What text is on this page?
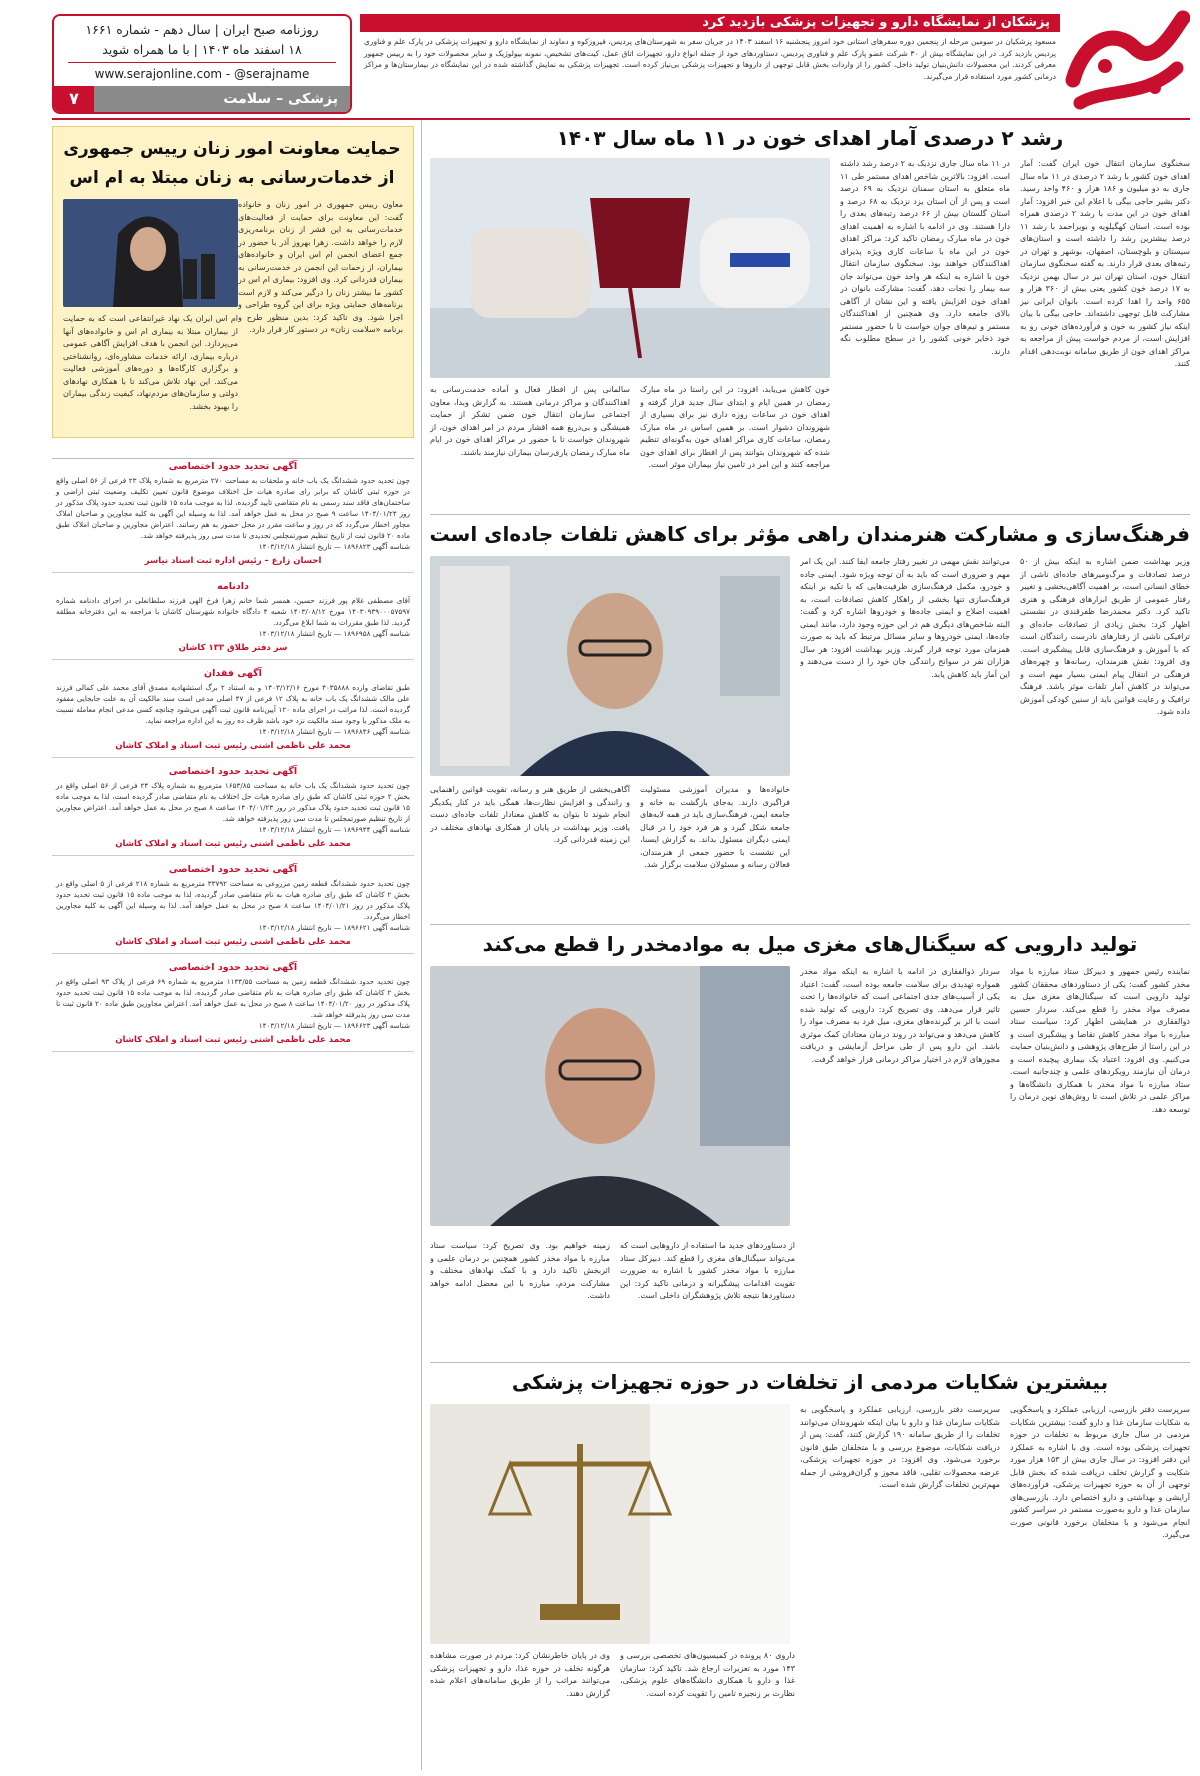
روزنامه صبح ایران | سال دهم - شماره ۱۶۶۱
۱۸ اسفند ماه ۱۴۰۳ | با ما همراه شوید
www.serajonline.com - @serajname
پزشکی – سلامت
۷
پزشکان از نمایشگاه دارو و تجهیزات پزشکی بازدید کرد
مسعود پزشکیان در سومین مرحله از پنجمین دوره سفرهای استانی خود امروز پنجشنبه ۱۶ اسفند ۱۴۰۳ در جریان سفر به شهرستان‌های پردیس، فیروزکوه و دماوند از نمایشگاه دارو و تجهیزات پزشکی در پارک علم و فناوری پردیس بازدید کرد. در این نمایشگاه بیش از ۳۰ شرکت عضو پارک علم و فناوری پردیس، دستاوردهای خود از جمله انواع دارو، تجهیزات اتاق عمل، کیت‌های تشخیص، نمونه بیولوژیک و سایر محصولات خود را به رییس جمهور معرفی کردند. این محصولات دانش‌بنیان تولید داخل، کشور را از واردات بخش قابل توجهی از داروها و تجهیزات پزشکی بی‌نیاز کرده است. تجهیزات پزشکی به نمایش گذاشته شده در این نمایشگاه در بیمارستان‌ها و مراکز درمانی کشور مورد استفاده قرار می‌گیرند.
رشد ۲ درصدی آمار اهدای خون در ۱۱ ماه سال ۱۴۰۳
سخنگوی سازمان انتقال خون ایران گفت: آمار اهدای خون کشور با رشد ۲ درصدی در ۱۱ ماه سال جاری به دو میلیون و ۱۸۶ هزار و ۴۶۰ واحد رسید. دکتر بشیر حاجی بیگی با اعلام این خبر افزود: آمار اهدای خون در این مدت با رشد ۲ درصدی همراه بوده است. استان کهگیلویه و بویراحمد با رشد ۱۱ درصد بیشترین رشد را داشته است و استان‌های سیستان و بلوچستان، اصفهان، بوشهر و تهران در رتبه‌های بعدی قرار دارند. به گفته سخنگوی سازمان انتقال خون، استان تهران نیز در سال بهمن نزدیک به ۱۷ درصد خون کشور یعنی بیش از ۳۶۰ هزار و ۶۵۵ واحد را اهدا کرده است. بانوان ایرانی نیز مشارکت قابل توجهی داشته‌اند. حاجی بیگی با بیان اینکه نیاز کشور به خون و فرآورده‌های خونی رو به افزایش است، از مردم خواست پیش از مراجعه به مراکز اهدای خون از طریق سامانه نوبت‌دهی اقدام کنند.
در ۱۱ ماه سال جاری نزدیک به ۲ درصد رشد داشته است. افزود: بالاترین شاخص اهدای مستمر طی ۱۱ ماه متعلق به استان سمنان نزدیک به ۶۹ درصد است و پس از آن استان یزد نزدیک به ۶۸ درصد و استان گلستان بیش از ۶۶ درصد رتبه‌های بعدی را دارا هستند. وی در ادامه با اشاره به اهمیت اهدای خون در ماه مبارک رمضان تاکید کرد: مراکز اهدای خون در این ماه با ساعات کاری ویژه پذیرای اهداکنندگان خواهند بود. سخنگوی سازمان انتقال خون با اشاره به اینکه هر واحد خون می‌تواند جان سه بیمار را نجات دهد، گفت: مشارکت بانوان در اهدای خون افزایش یافته و این نشان از آگاهی بالای جامعه دارد. وی همچنین از اهداکنندگان مستمر و تیم‌های جوان خواست تا با حضور مستمر خود ذخایر خونی کشور را در سطح مطلوب نگه دارند.
خون کاهش می‌یابد، افزود: در این راستا در ماه مبارک رمضان در همین ایام و ابتدای سال جدید فراز گرفته و اهدای خون در ساعات روزه داری نیز برای بسیاری از شهروندان دشوار است. بر همین اساس در ماه مبارک رمضان، ساعات کاری مراکز اهدای خون به‌گونه‌ای تنظیم شده که شهروندان بتوانند پس از افطار برای اهدای خون مراجعه کنند و این امر در تامین نیاز بیماران موثر است.
سالمانی پس از افطار فعال و آماده خدمت‌رسانی به اهداکنندگان و مراکز درمانی هستند. به گزارش وبدا، معاون اجتماعی سازمان انتقال خون ضمن تشکر از حمایت همیشگی و بی‌دریغ همه اقشار مردم در امر اهدای خون، از شهروندان خواست تا با حضور در مراکز اهدای خون در ایام ماه مبارک رمضان یاری‌رسان بیماران نیازمند باشند.
فرهنگ‌سازی و مشارکت هنرمندان راهی مؤثر برای کاهش تلفات جاده‌ای است
وزیر بهداشت ضمن اشاره به اینکه بیش از ۵۰ درصد تصادفات و مرگ‌ومیرهای جاده‌ای ناشی از خطای انسانی است، بر اهمیت آگاهی‌بخشی و تغییر رفتار عمومی از طریق ابزارهای فرهنگی و هنری تاکید کرد. دکتر محمدرضا ظفرقندی در نشستی اظهار کرد: بخش زیادی از تصادفات جاده‌ای و ترافیکی ناشی از رفتارهای نادرست رانندگان است که با آموزش و فرهنگ‌سازی قابل پیشگیری است. وی افزود: نقش هنرمندان، رسانه‌ها و چهره‌های فرهنگی در انتقال پیام ایمنی بسیار مهم است و می‌تواند در کاهش آمار تلفات موثر باشد. فرهنگ ترافیک و رعایت قوانین باید از سنین کودکی آموزش داده شود.
می‌توانند نقش مهمی در تغییر رفتار جامعه ایفا کنند. این یک امر مهم و ضروری است که باید به آن توجه ویژه شود. ایمنی جاده و خودرو، مکمل فرهنگ‌سازی ظرفیت‌هایی که با تکیه بر اینکه فرهنگ‌سازی تنها بخشی از راهکار کاهش تصادفات است، به اهمیت اصلاح و ایمنی جاده‌ها و خودروها اشاره کرد و گفت: البته شاخص‌های دیگری هم در این حوزه وجود دارد، مانند ایمنی جاده‌ها، ایمنی خودروها و سایر مسائل مرتبط که باید به صورت همزمان مورد توجه قرار گیرند. وزیر بهداشت افزود: هر سال هزاران نفر در سوانح رانندگی جان خود را از دست می‌دهند و این آمار باید کاهش یابد.
خانواده‌ها و مدیران آموزشی مسئولیت فراگیری دارند. به‌جای بازگشت به خانه و جامعه ایمن، فرهنگ‌سازی باید در همه لایه‌های جامعه شکل گیرد و هر فرد خود را در قبال ایمنی دیگران مسئول بداند. به گزارش ایسنا، این نشست با حضور جمعی از هنرمندان، فعالان رسانه و مسئولان سلامت برگزار شد.
آگاهی‌بخشی از طریق هنر و رسانه، تقویت قوانین راهنمایی و رانندگی و افزایش نظارت‌ها، همگی باید در کنار یکدیگر انجام شوند تا بتوان به کاهش معنادار تلفات جاده‌ای دست یافت. وزیر بهداشت در پایان از همکاری نهادهای مختلف در این زمینه قدردانی کرد.
تولید دارویی که سیگنال‌های مغزی میل به موادمخدر را قطع می‌کند
نماینده رئیس جمهور و دبیرکل ستاد مبارزه با مواد مخدر کشور گفت: یکی از دستاوردهای محققان کشور تولید دارویی است که سیگنال‌های مغزی میل به مصرف مواد مخدر را قطع می‌کند. سردار حسین ذوالفقاری در همایشی اظهار کرد: سیاست ستاد مبارزه با مواد مخدر کاهش تقاضا و پیشگیری است و در این راستا از طرح‌های پژوهشی و دانش‌بنیان حمایت می‌کنیم. وی افزود: اعتیاد یک بیماری پیچیده است و درمان آن نیازمند رویکردهای علمی و چندجانبه است. ستاد مبارزه با مواد مخدر با همکاری دانشگاه‌ها و مراکز علمی در تلاش است تا روش‌های نوین درمان را توسعه دهد.
سردار ذوالفقاری در ادامه با اشاره به اینکه مواد مخدر همواره تهدیدی برای سلامت جامعه بوده است، گفت: اعتیاد یکی از آسیب‌های جدی اجتماعی است که خانواده‌ها را تحت تاثیر قرار می‌دهد. وی تصریح کرد: دارویی که تولید شده است با اثر بر گیرنده‌های مغزی، میل فرد به مصرف مواد را کاهش می‌دهد و می‌تواند در روند درمان معتادان کمک موثری باشد. این دارو پس از طی مراحل آزمایشی و دریافت مجوزهای لازم در اختیار مراکز درمانی قرار خواهد گرفت.
از دستاوردهای جدید ما استفاده از داروهایی است که می‌تواند سیگنال‌های مغزی را قطع کند. دبیرکل ستاد مبارزه با مواد مخدر کشور با اشاره به ضرورت تقویت اقدامات پیشگیرانه و درمانی تاکید کرد: این دستاوردها نتیجه تلاش پژوهشگران داخلی است.
زمینه خواهیم بود. وی تصریح کرد: سیاست ستاد مبارزه با مواد مخدر کشور همچنین بر درمان علمی و اثربخش تاکید دارد و با کمک نهادهای مختلف و مشارکت مردم، مبارزه با این معضل ادامه خواهد داشت.
بیشترین شکایات مردمی از تخلفات در حوزه تجهیزات پزشکی
سرپرست دفتر بازرسی، ارزیابی عملکرد و پاسخگویی به شکایات سازمان غذا و دارو گفت: بیشترین شکایات مردمی در سال جاری مربوط به تخلفات در حوزه تجهیزات پزشکی بوده است. وی با اشاره به عملکرد این دفتر افزود: در سال جاری بیش از ۱۵۳ هزار مورد شکایت و گزارش تخلف دریافت شده که بخش قابل توجهی از آن به حوزه تجهیزات پزشکی، فرآورده‌های آرایشی و بهداشتی و دارو اختصاص دارد. بازرسی‌های سازمان غذا و دارو به‌صورت مستمر در سراسر کشور انجام می‌شود و با متخلفان برخورد قانونی صورت می‌گیرد.
سرپرست دفتر بازرسی، ارزیابی عملکرد و پاسخگویی به شکایات سازمان غذا و دارو با بیان اینکه شهروندان می‌توانند تخلفات را از طریق سامانه ۱۹۰ گزارش کنند، گفت: پس از دریافت شکایات، موضوع بررسی و با متخلفان طبق قانون برخورد می‌شود. وی افزود: در حوزه تجهیزات پزشکی، عرضه محصولات تقلبی، فاقد مجوز و گران‌فروشی از جمله مهم‌ترین تخلفات گزارش شده است.
داروی ۸۰ پرونده در کمیسیون‌های تخصصی بررسی و ۱۴۳ مورد به تعزیرات ارجاع شد. تاکید کرد: سازمان غذا و دارو با همکاری دانشگاه‌های علوم پزشکی، نظارت بر زنجیره تامین را تقویت کرده است.
وی در پایان خاطرنشان کرد: مردم در صورت مشاهده هرگونه تخلف در حوزه غذا، دارو و تجهیزات پزشکی می‌توانند مراتب را از طریق سامانه‌های اعلام شده گزارش دهند.
حمایت معاونت امور زنان رییس جمهوری از خدمات‌رسانی به زنان مبتلا به ام اس
معاون رییس جمهوری در امور زنان و خانواده گفت: این معاونت برای حمایت از فعالیت‌های خدمات‌رسانی به این قشر از زنان برنامه‌ریزی لازم را خواهد داشت. زهرا بهروز آذر با حضور در جمع اعضای انجمن ام اس ایران و خانواده‌های بیماران، از زحمات این انجمن در خدمت‌رسانی به بیماران قدردانی کرد. وی افزود: بیماری ام اس در کشور ما بیشتر زنان را درگیر می‌کند و لازم است برنامه‌های حمایتی ویژه برای این گروه طراحی و اجرا شود. وی تاکید کرد: بدین منظور طرح و برنامه «سلامت زنان» در دستور کار قرار دارد.
ام اس ایران یک نهاد غیرانتفاعی است که به حمایت از بیماران مبتلا به بیماری ام اس و خانواده‌های آنها می‌پردازد. این انجمن با هدف افزایش آگاهی عمومی درباره بیماری، ارائه خدمات مشاوره‌ای، روانشناختی و برگزاری کارگاه‌ها و دوره‌های آموزشی فعالیت می‌کند. این نهاد تلاش می‌کند تا با همکاری نهادهای دولتی و سازمان‌های مردم‌نهاد، کیفیت زندگی بیماران را بهبود بخشد.
آگهی تحدید حدود اختصاصی

چون تحدید حدود ششدانگ یک باب خانه و ملحقات به مساحت ۲۷۰ مترمربع به شماره پلاک ۲۳ فرعی از ۵۶ اصلی واقع در حوزه ثبتی کاشان که برابر رای صادره هیات حل اختلاف موضوع قانون تعیین تکلیف وضعیت ثبتی اراضی و ساختمان‌های فاقد سند رسمی به نام متقاضی تایید گردیده، لذا به موجب ماده ۱۵ قانون ثبت تحدید حدود پلاک مذکور در روز ۱۴۰۴/۰۱/۲۴ ساعت ۹ صبح در محل به عمل خواهد آمد. لذا به وسیله این آگهی به کلیه مجاورین و صاحبان املاک مجاور اخطار می‌گردد که در روز و ساعت مقرر در محل حضور به هم رسانند. اعتراض مجاورین و صاحبان املاک طبق ماده ۲۰ قانون ثبت از تاریخ تنظیم صورتمجلس تحدیدی تا مدت سی روز پذیرفته خواهد شد.

شناسه آگهی ۱۸۹۶۸۲۳ — تاریخ انتشار ۱۴۰۳/۱۲/۱۸
احسان زارع – رئیس اداره ثبت اسناد نیاسر
دادنامه

آقای مصطفی غلام پور فرزند حسین، همسر شما خانم زهرا فرخ الهی فرزند سلطانعلی در اجرای دادنامه شماره ۱۴۰۳۰۹۳۹۰۰۰۵۷۵۹۷ مورخ ۱۴۰۳/۰۸/۱۲ شعبه ۴ دادگاه خانواده شهرستان کاشان با مراجعه به این دفترخانه مطلقه گردید. لذا طبق مقررات به شما ابلاغ می‌گردد.

شناسه آگهی ۱۸۹۶۹۵۸ — تاریخ انتشار ۱۴۰۳/۱۲/۱۸
سر دفتر طلاق ۱۳۳ کاشان
آگهی فقدان

طبق تقاضای وارده ۴۰۳۵۸۸۸ مورخ ۱۴۰۳/۱۲/۱۶ و به استناد ۲ برگ استشهادیه مصدق آقای محمد علی کمالی فرزند علی مالک ششدانگ یک باب خانه به پلاک ۱۲ فرعی از ۴۷ اصلی مدعی است سند مالکیت آن به علت جابجایی مفقود گردیده است. لذا مراتب در اجرای ماده ۱۲۰ آیین‌نامه قانون ثبت آگهی می‌شود چنانچه کسی مدعی انجام معامله نسبت به ملک مذکور یا وجود سند مالکیت نزد خود باشد ظرف ده روز به این اداره مراجعه نماید.

شناسه آگهی ۱۸۹۶۸۴۶ — تاریخ انتشار ۱۴۰۳/۱۲/۱۸
محمد علی ناظمی اشنی رئیس ثبت اسناد و املاک کاشان
آگهی تحدید حدود اختصاصی

چون تحدید حدود ششدانگ یک باب خانه به مساحت ۱۶۵۳/۸۵ مترمربع به شماره پلاک ۲۴ فرعی از ۵۶ اصلی واقع در بخش ۲ حوزه ثبتی کاشان که طبق رای صادره هیات حل اختلاف به نام متقاضی صادر گردیده است، لذا به موجب ماده ۱۵ قانون ثبت تحدید حدود پلاک مذکور در روز ۱۴۰۴/۰۱/۲۳ ساعت ۸ صبح در محل به عمل خواهد آمد. اعتراض مجاورین از تاریخ تنظیم صورتمجلس تا مدت سی روز پذیرفته خواهد شد.

شناسه آگهی ۱۸۹۶۹۴۴ — تاریخ انتشار ۱۴۰۳/۱۲/۱۸
محمد علی ناظمی اشنی رئیس ثبت اسناد و املاک کاشان
آگهی تحدید حدود اختصاصی

چون تحدید حدود ششدانگ قطعه زمین مزروعی به مساحت ۳۳۷۹۲ مترمربع به شماره ۲۱۸ فرعی از ۵ اصلی واقع در بخش ۲ کاشان که طبق رای صادره هیات به نام متقاضی صادر گردیده، لذا به موجب ماده ۱۵ قانون ثبت تحدید حدود پلاک مذکور در روز ۱۴۰۴/۰۱/۲۱ ساعت ۸ صبح در محل به عمل خواهد آمد. لذا به وسیله این آگهی به کلیه مجاورین اخطار می‌گردد.

شناسه آگهی ۱۸۹۶۶۲۱ — تاریخ انتشار ۱۴۰۳/۱۲/۱۸
محمد علی ناظمی اشنی رئیس ثبت اسناد و املاک کاشان
آگهی تحدید حدود اختصاصی

چون تحدید حدود ششدانگ قطعه زمین به مساحت ۱۱۳۴/۵۵ مترمربع به شماره ۶۹ فرعی از پلاک ۹۳ اصلی واقع در بخش ۲ کاشان که طبق رای صادره هیات به نام متقاضی صادر گردیده، لذا به موجب ماده ۱۵ قانون ثبت تحدید حدود پلاک مذکور در روز ۱۴۰۴/۰۱/۲۰ ساعت ۸ صبح در محل به عمل خواهد آمد. اعتراض مجاورین طبق ماده ۲۰ قانون ثبت تا مدت سی روز پذیرفته خواهد شد.

شناسه آگهی ۱۸۹۶۶۲۳ — تاریخ انتشار ۱۴۰۳/۱۲/۱۸
محمد علی ناظمی اشنی رئیس ثبت اسناد و املاک کاشان
